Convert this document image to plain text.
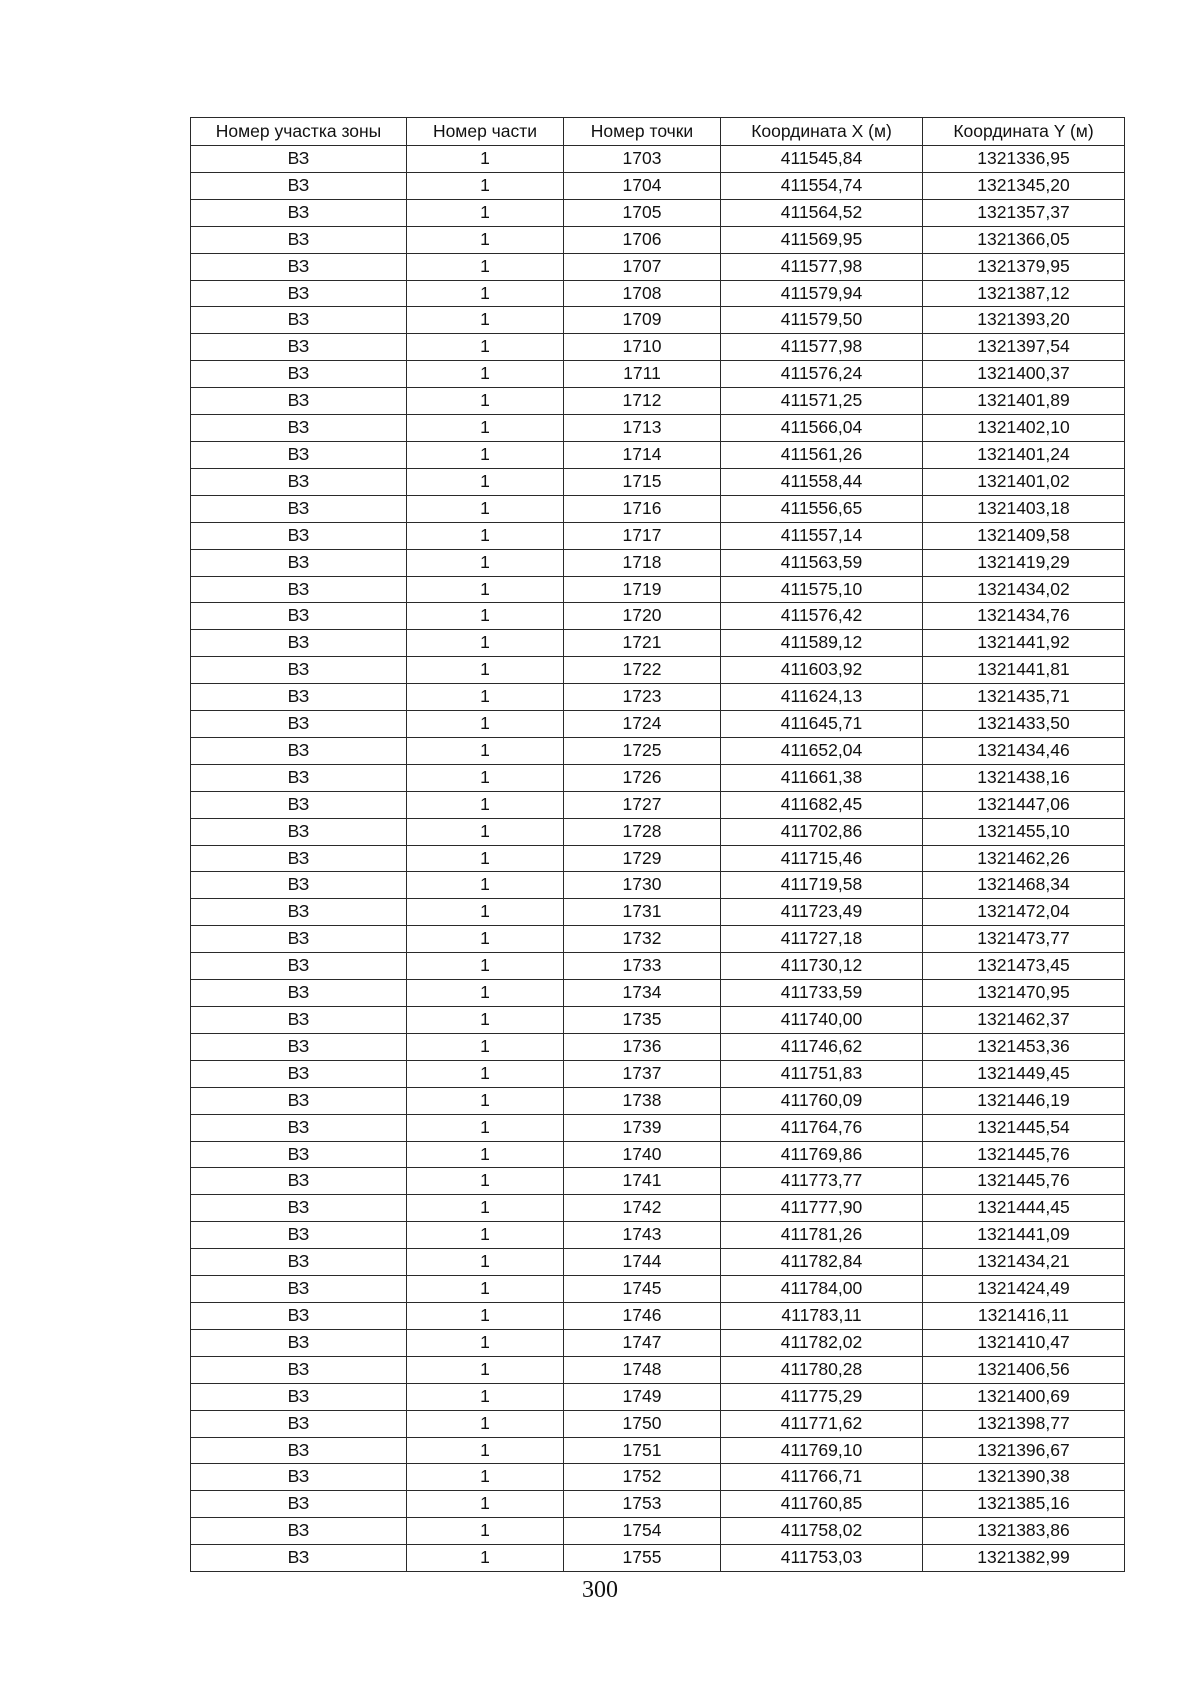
Номер участка зоны	Номер части	Номер точки	Координата X (м)	Координата Y (м)
ВЗ	1	1703	411545,84	1321336,95
ВЗ	1	1704	411554,74	1321345,20
ВЗ	1	1705	411564,52	1321357,37
ВЗ	1	1706	411569,95	1321366,05
ВЗ	1	1707	411577,98	1321379,95
ВЗ	1	1708	411579,94	1321387,12
ВЗ	1	1709	411579,50	1321393,20
ВЗ	1	1710	411577,98	1321397,54
ВЗ	1	1711	411576,24	1321400,37
ВЗ	1	1712	411571,25	1321401,89
ВЗ	1	1713	411566,04	1321402,10
ВЗ	1	1714	411561,26	1321401,24
ВЗ	1	1715	411558,44	1321401,02
ВЗ	1	1716	411556,65	1321403,18
ВЗ	1	1717	411557,14	1321409,58
ВЗ	1	1718	411563,59	1321419,29
ВЗ	1	1719	411575,10	1321434,02
ВЗ	1	1720	411576,42	1321434,76
ВЗ	1	1721	411589,12	1321441,92
ВЗ	1	1722	411603,92	1321441,81
ВЗ	1	1723	411624,13	1321435,71
ВЗ	1	1724	411645,71	1321433,50
ВЗ	1	1725	411652,04	1321434,46
ВЗ	1	1726	411661,38	1321438,16
ВЗ	1	1727	411682,45	1321447,06
ВЗ	1	1728	411702,86	1321455,10
ВЗ	1	1729	411715,46	1321462,26
ВЗ	1	1730	411719,58	1321468,34
ВЗ	1	1731	411723,49	1321472,04
ВЗ	1	1732	411727,18	1321473,77
ВЗ	1	1733	411730,12	1321473,45
ВЗ	1	1734	411733,59	1321470,95
ВЗ	1	1735	411740,00	1321462,37
ВЗ	1	1736	411746,62	1321453,36
ВЗ	1	1737	411751,83	1321449,45
ВЗ	1	1738	411760,09	1321446,19
ВЗ	1	1739	411764,76	1321445,54
ВЗ	1	1740	411769,86	1321445,76
ВЗ	1	1741	411773,77	1321445,76
ВЗ	1	1742	411777,90	1321444,45
ВЗ	1	1743	411781,26	1321441,09
ВЗ	1	1744	411782,84	1321434,21
ВЗ	1	1745	411784,00	1321424,49
ВЗ	1	1746	411783,11	1321416,11
ВЗ	1	1747	411782,02	1321410,47
ВЗ	1	1748	411780,28	1321406,56
ВЗ	1	1749	411775,29	1321400,69
ВЗ	1	1750	411771,62	1321398,77
ВЗ	1	1751	411769,10	1321396,67
ВЗ	1	1752	411766,71	1321390,38
ВЗ	1	1753	411760,85	1321385,16
ВЗ	1	1754	411758,02	1321383,86
ВЗ	1	1755	411753,03	1321382,99
300
